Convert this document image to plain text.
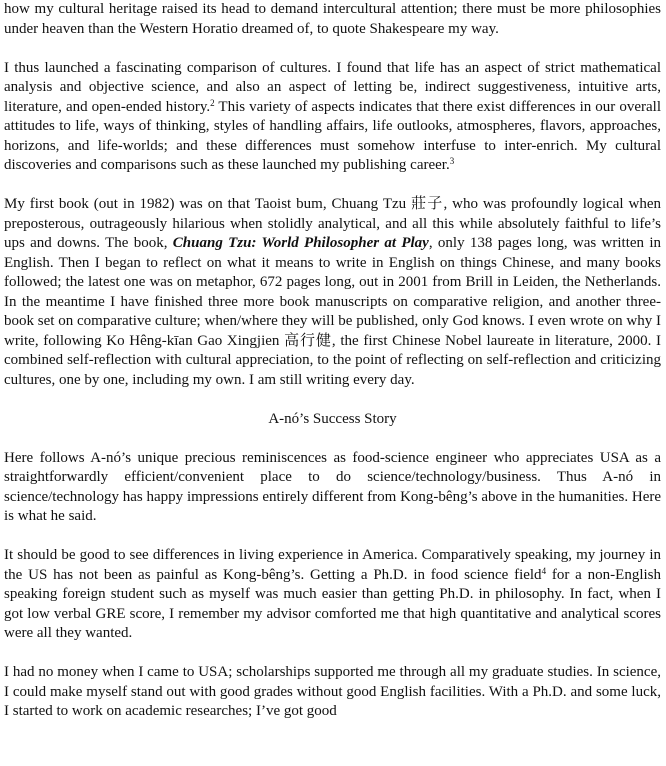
how my cultural heritage raised its head to demand intercultural attention; there must be more philosophies under heaven than the Western Horatio dreamed of, to quote Shakespeare my way.

I thus launched a fascinating comparison of cultures. I found that life has an aspect of strict mathematical analysis and objective science, and also an aspect of letting be, indirect suggestiveness, intuitive arts, literature, and open-ended history.$^2$ This variety of aspects indicates that there exist differences in our overall attitudes to life, ways of thinking, styles of handling affairs, life outlooks, atmospheres, flavors, approaches, horizons, and life-worlds; and these differences must somehow interfuse to inter-enrich. My cultural discoveries and comparisons such as these launched my publishing career.$^3$

My first book (out in 1982) was on that Taoist bum, Chuang Tzu 莊子, who was profoundly logical when preposterous, outrageously hilarious when stolidly analytical, and all this while absolutely faithful to life’s ups and downs. The book, Chuang Tzu: World Philosopher at Play, only 138 pages long, was written in English. Then I began to reflect on what it means to write in English on things Chinese, and many books followed; the latest one was on metaphor, 672 pages long, out in 2001 from Brill in Leiden, the Netherlands. In the meantime I have finished three more book manuscripts on comparative religion, and another three-book set on comparative culture; when/where they will be published, only God knows. I even wrote on why I write, following Ko Hêng-kīan Gao Xingjien 高行健, the first Chinese Nobel laureate in literature, 2000. I combined self-reflection with cultural appreciation, to the point of reflecting on self-reflection and criticizing cultures, one by one, including my own. I am still writing every day.

A-nó’s Success Story

Here follows A-nó’s unique precious reminiscences as food-science engineer who appreciates USA as a straightforwardly efficient/convenient place to do science/technology/business. Thus A-nó in science/technology has happy impressions entirely different from Kong-bêng’s above in the humanities. Here is what he said.

It should be good to see differences in living experience in America. Comparatively speaking, my journey in the US has not been as painful as Kong-bêng’s. Getting a Ph.D. in food science field$^4$ for a non-English speaking foreign student such as myself was much easier than getting Ph.D. in philosophy. In fact, when I got low verbal GRE score, I remember my advisor comforted me that high quantitative and analytical scores were all they wanted.

I had no money when I came to USA; scholarships supported me through all my graduate studies. In science, I could make myself stand out with good grades without good English facilities. With a Ph.D. and some luck, I started to work on academic researches; I’ve got good
